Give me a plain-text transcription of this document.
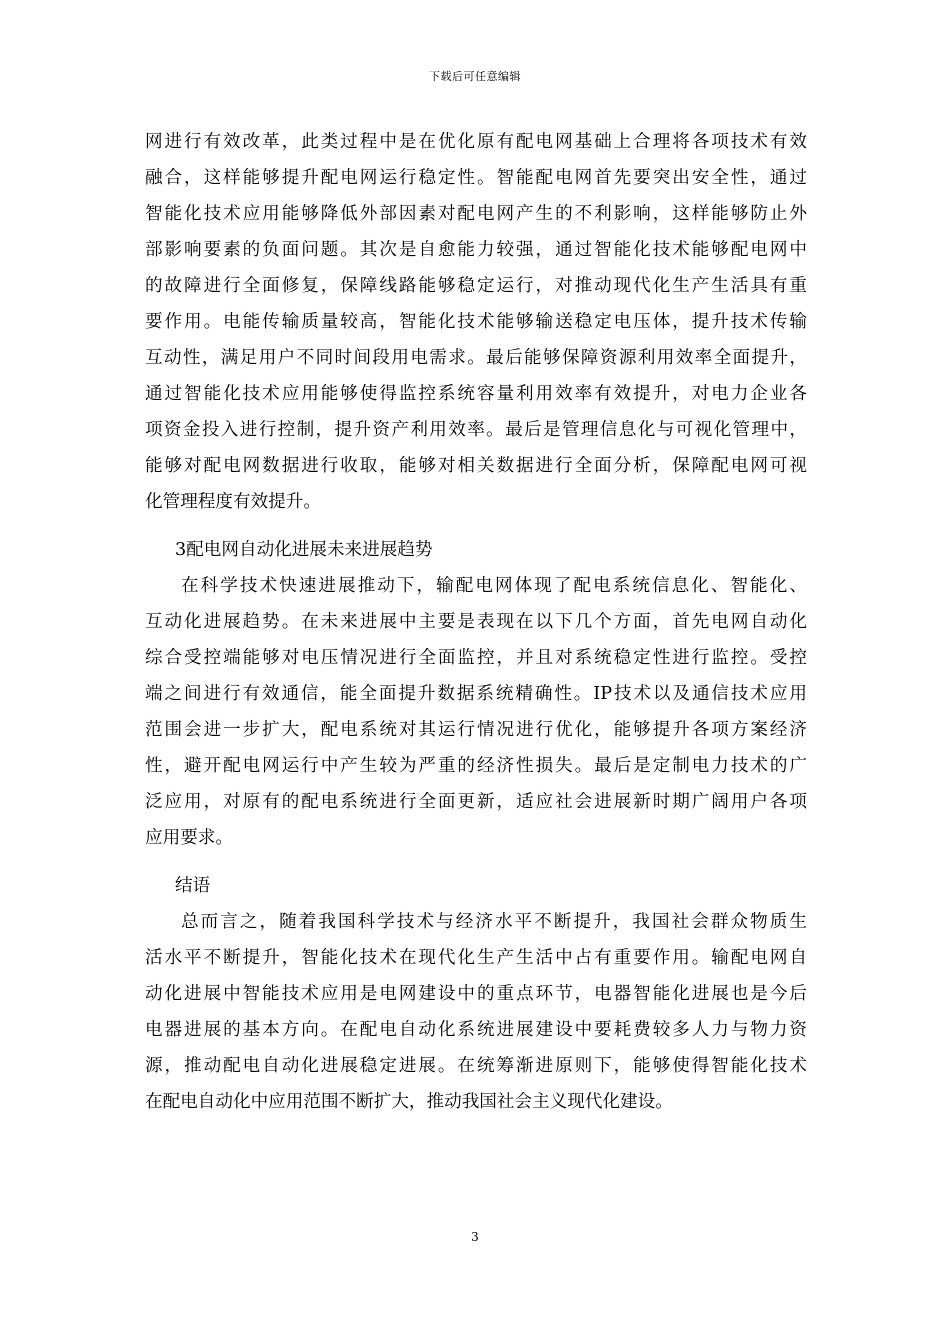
下载后可任意编辑
网进行有效改革，此类过程中是在优化原有配电网基础上合理将各项技术有效
融合，这样能够提升配电网运行稳定性。智能配电网首先要突出安全性，通过
智能化技术应用能够降低外部因素对配电网产生的不利影响，这样能够防止外
部影响要素的负面问题。其次是自愈能力较强，通过智能化技术能够配电网中
的故障进行全面修复，保障线路能够稳定运行，对推动现代化生产生活具有重
要作用。电能传输质量较高，智能化技术能够输送稳定电压体，提升技术传输
互动性，满足用户不同时间段用电需求。最后能够保障资源利用效率全面提升，
通过智能化技术应用能够使得监控系统容量利用效率有效提升，对电力企业各
项资金投入进行控制，提升资产利用效率。最后是管理信息化与可视化管理中，
能够对配电网数据进行收取，能够对相关数据进行全面分析，保障配电网可视
化管理程度有效提升。
3配电网自动化进展未来进展趋势
在科学技术快速进展推动下，输配电网体现了配电系统信息化、智能化、
互动化进展趋势。在未来进展中主要是表现在以下几个方面，首先电网自动化
综合受控端能够对电压情况进行全面监控，并且对系统稳定性进行监控。受控
端之间进行有效通信，能全面提升数据系统精确性。IP技术以及通信技术应用
范围会进一步扩大，配电系统对其运行情况进行优化，能够提升各项方案经济
性，避开配电网运行中产生较为严重的经济性损失。最后是定制电力技术的广
泛应用，对原有的配电系统进行全面更新，适应社会进展新时期广阔用户各项
应用要求。
结语
总而言之，随着我国科学技术与经济水平不断提升，我国社会群众物质生
活水平不断提升，智能化技术在现代化生产生活中占有重要作用。输配电网自
动化进展中智能技术应用是电网建设中的重点环节，电器智能化进展也是今后
电器进展的基本方向。在配电自动化系统进展建设中要耗费较多人力与物力资
源，推动配电自动化进展稳定进展。在统筹渐进原则下，能够使得智能化技术
在配电自动化中应用范围不断扩大，推动我国社会主义现代化建设。
3
